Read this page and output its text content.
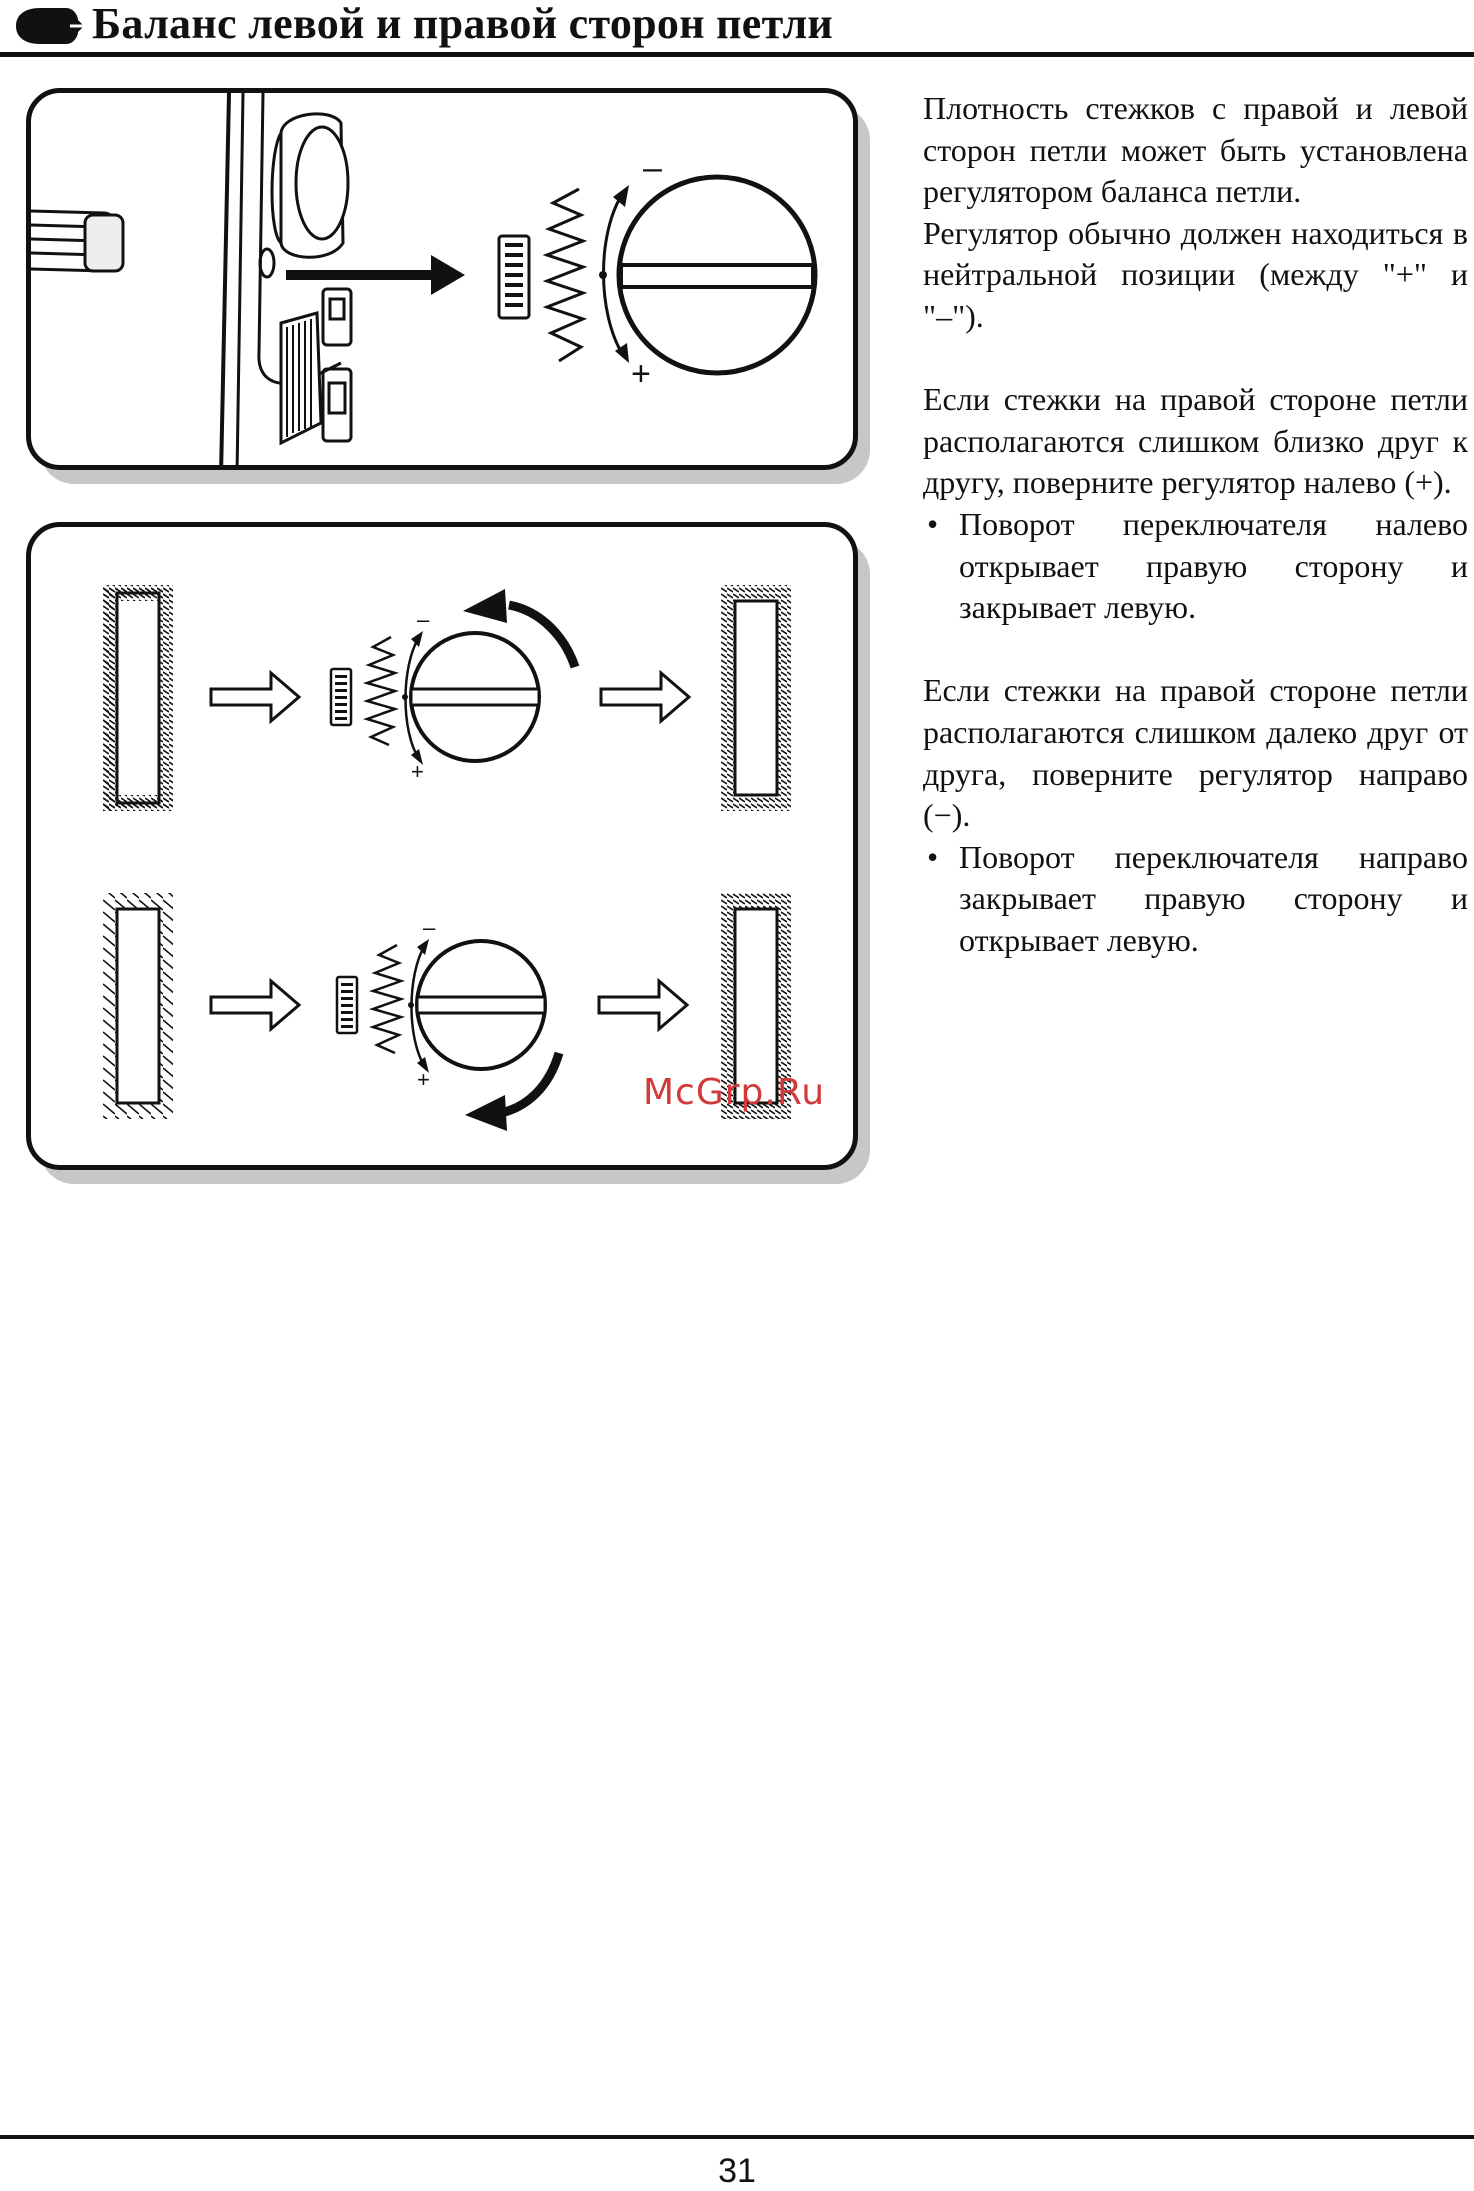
Баланс левой и правой сторон петли
–
+
–
+
–
+	McGrp.Ru

Плотность стежков с правой и левой сторон петли может быть установлена регулятором баланса петли.

Регулятор обычно должен находиться в нейтральной позиции (между "+" и "–").

Если стежки на правой стороне петли располагаются слишком близко друг к другу, поверните регулятор налево (+).

• Поворот переключателя налево открывает правую сторону и закрывает левую.

Если стежки на правой стороне петли располагаются слишком далеко друг от друга, поверните регулятор направо (−).

• Поворот переключателя направо закрывает правую сторону и открывает левую.
31
